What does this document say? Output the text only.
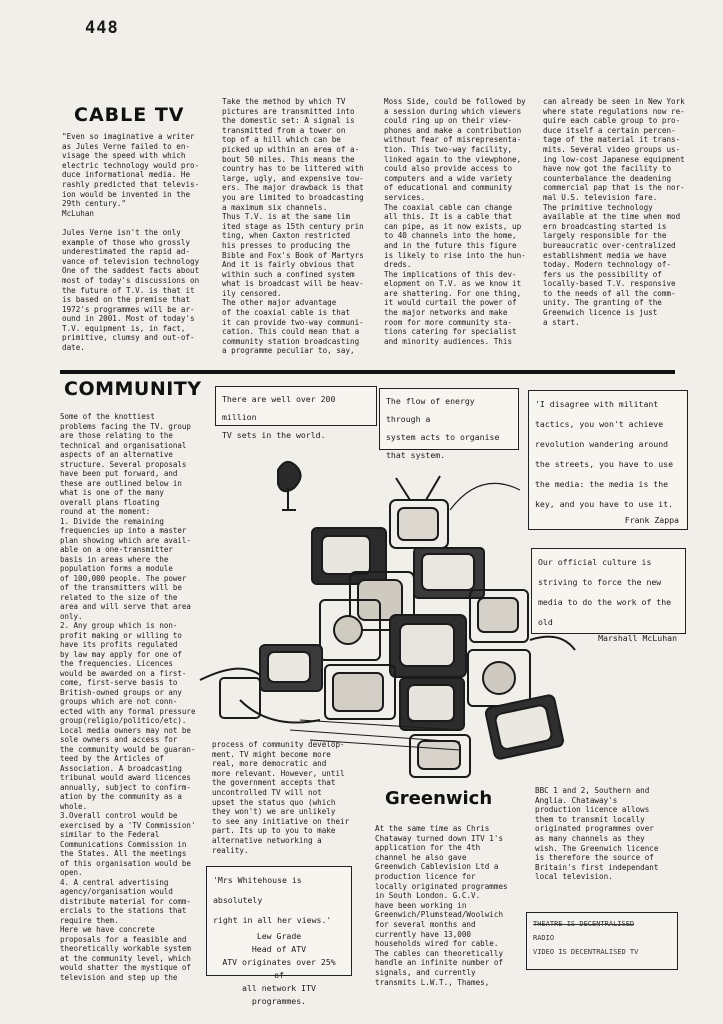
448
CABLE TV
"Even so imaginative a writer
as Jules Verne failed to en-
visage the speed with which
electric technology would pro-
duce informational media. He
rashly predicted that televis-
ion would be invented in the
29th century."
McLuhan

Jules Verne isn't the only
example of those who grossly
underestimated the rapid ad-
vance of television technology
One of the saddest facts about
most of today's discussions on
the future of T.V. is that it
is based on the premise that
1972's programmes will be ar-
ound in 2001. Most of today's
T.V. equipment is, in fact,
primitive, clumsy and out-of-
date.
Take the method by which TV
pictures are transmitted into
the domestic set: A signal is
transmitted from a tower on
top of a hill which can be
picked up within an area of a-
bout 50 miles. This means the
country has to be littered with
large, ugly, and expensive tow-
ers. The major drawback is that
you are limited to broadcasting
a maximum six channels.
Thus T.V. is at the same lim
ited stage as 15th century prin
ting, when Caxton restricted
his presses to producing the
Bible and Fox's Book of Martyrs
And it is fairly obvious that
within such a confined system
what is broadcast will be heav-
ily censored.
The other major advantage
of the coaxial cable is that
it can provide two-way communi-
cation. This could mean that a
community station broadcasting
a programme peculiar to, say,
Moss Side, could be followed by
a session during which viewers
could ring up on their view-
phones and make a contribution
without fear of misrepresenta-
tion. This two-way facility,
linked again to the viewphone,
could also provide access to
computers and a wide variety
of educational and community
services.
The coaxial cable can change
all this. It is a cable that
can pipe, as it now exists, up
to 40 channels into the home,
and in the future this figure
is likely to rise into the hun-
dreds.
The implications of this dev-
elopment on T.V. as we know it
are shattering. For one thing,
it would curtail the power of
the major networks and make
room for more community sta-
tions catering for specialist
and minority audiences. This
can already be seen in New York
where state regulations now re-
quire each cable group to pro-
duce itself a certain percen-
tage of the material it trans-
mits. Several video groups us-
ing low-cost Japanese equipment
have now got the facility to
counterbalance the deadening
commercial pap that is the nor-
mal U.S. television fare.
The primitive technology
available at the time when mod
ern broadcasting started is
largely responsible for the
bureaucratic over-centralized
establishment media we have
today. Modern technology of-
fers us the possibility of
locally-based T.V. responsive
to the needs of all the comm-
unity. The granting of the
Greenwich licence is just
a start.
COMMUNITY
Some of the knottiest
problems facing the TV. group
are those relating to the
technical and organisational
aspects of an alternative
structure. Several proposals
have been put forward, and
these are outlined below in
what is one of the many
overall plans floating
round at the moment:
1. Divide the remaining
frequencies up into a master
plan showing which are avail-
able on a one-transmitter
basis in areas where the
population forms a module
of 100,000 people. The power
of the transmitters will be
related to the size of the
area and will serve that area
only.
2. Any group which is non-
profit making or willing to
have its profits regulated
by law may apply for one of
the frequencies. Licences
would be awarded on a first-
come, first-serve basis to
British-owned groups or any
groups which are not conn-
ected with any formal pressure
group(religio/politico/etc).
Local media owners may not be
sole owners and access for
the community would be guaran-
teed by the Articles of
Association. A broadcasting
tribunal would award licences
annually, subject to confirm-
ation by the community as a
whole.
3.Overall control would be
exercised by a 'TV Commission'
similar to the Federal
Communications Commission in
the States. All the meetings
of this organisation would be
open.
4. A central advertising
agency/organisation would
distribute material for comm-
ercials to the stations that
require them.
Here we have concrete
proposals for a feasible and
theoretically workable system
at the community level, which
would shatter the mystique of
television and step up the
process of community develop-
ment. TV might become more
real, more democratic and
more relevant. However, until
the government accepts that
uncontrolled TV will not
upset the status quo (which
they won't) we are unlikely
to see any initiative on their
part. Its up to you to make
alternative networking a
reality.
There are well over 200 million
TV sets in the world.
The flow of energy through a
system acts to organise
that system.
'I disagree with militant
tactics, you won't achieve
revolution wandering around
the streets, you have to use
the media: the media is the
key, and you have to use it.
Frank Zappa
Our official culture is
striving to force the new
media to do the work of the old
Marshall McLuhan
'Mrs Whitehouse is absolutely
right in all her views.'
Lew Grade
Head of ATV
ATV originates over 25% of
all network ITV programmes.
Greenwich
At the same time as Chris
Chataway turned down ITV 1's
application for the 4th
channel he also gave
Greenwich Cablevision Ltd a
production licence for
locally originated programmes
in South London. G.C.V.
have been working in
Greenwich/Plumstead/Woolwich
for several months and
currently have 13,000
households wired for cable.
The cables can theoretically
handle an infinite number of
signals, and currently
transmits L.W.T., Thames,
BBC 1 and 2, Southern and
Anglia. Chataway's
production licence allows
them to transmit locally
originated programmes over
as many channels as they
wish. The Greenwich licence
is therefore the source of
Britain's first independant
local television.
THEATRE IS DECENTRALISED
RADIO
VIDEO IS DECENTRALISED TV
